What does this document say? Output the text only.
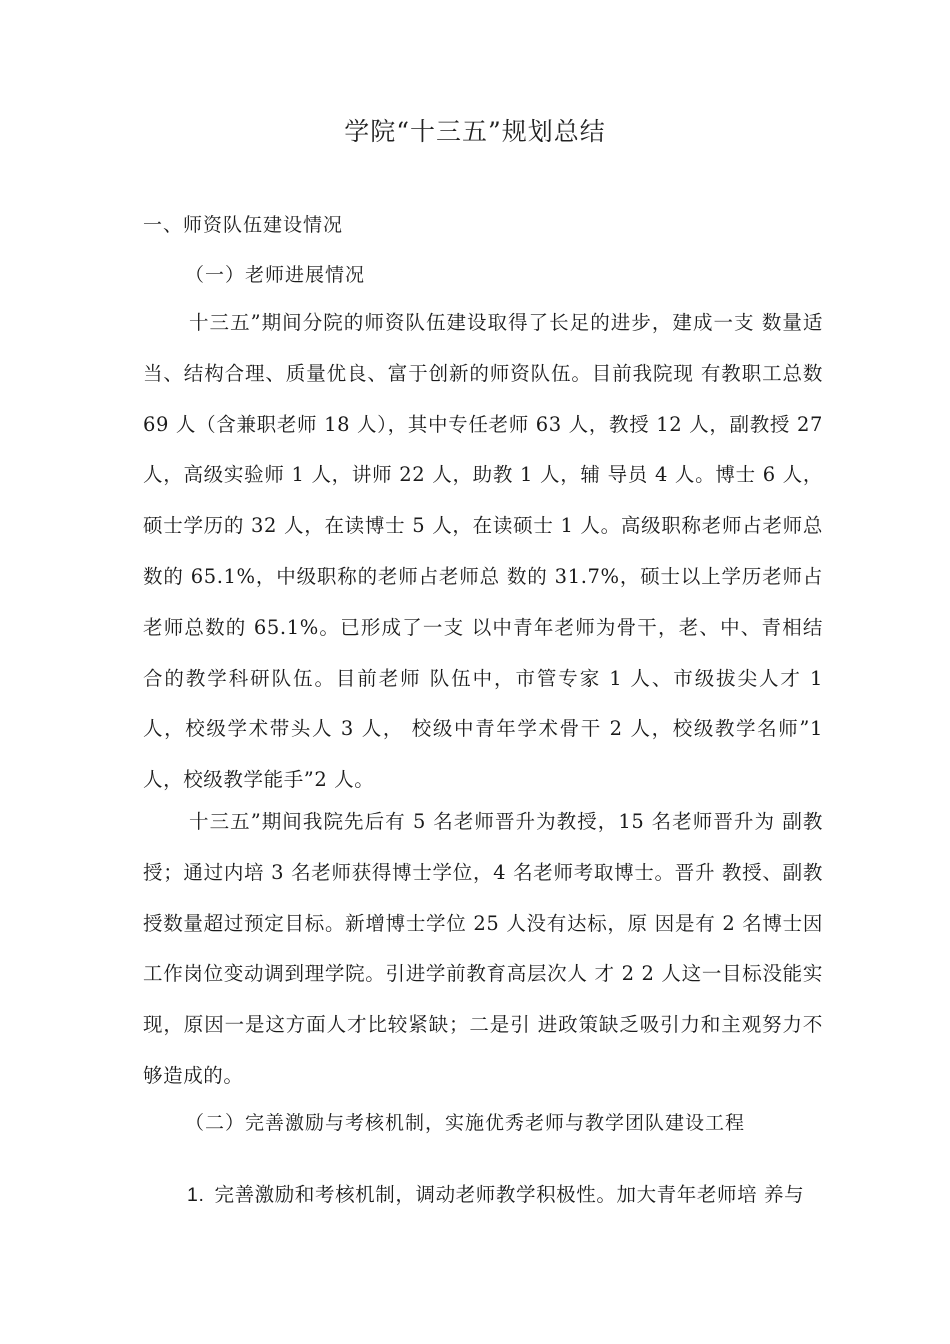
学院“十三五”规划总结
一、师资队伍建设情况
（一）老师进展情况
十三五”期间分院的师资队伍建设取得了长足的进步，建成一支 数量适当、结构合理、质量优良、富于创新的师资队伍。目前我院现 有教职工总数 69 人（含兼职老师 18 人），其中专任老师 63 人，教授 12 人，副教授 27 人，高级实验师 1 人，讲师 22 人，助教 1 人，辅 导员 4 人。博士 6 人，硕士学历的 32 人，在读博士 5 人，在读硕士 1 人。高级职称老师占老师总数的 65.1%，中级职称的老师占老师总 数的 31.7%，硕士以上学历老师占老师总数的 65.1%。已形成了一支 以中青年老师为骨干，老、中、青相结合的教学科研队伍。目前老师 队伍中，市管专家 1 人、市级拔尖人才 1 人，校级学术带头人 3 人， 校级中青年学术骨干 2 人，校级教学名师”1 人，校级教学能手”2 人。
十三五”期间我院先后有 5 名老师晋升为教授，15 名老师晋升为 副教授；通过内培 3 名老师获得博士学位，4 名老师考取博士。晋升 教授、副教授数量超过预定目标。新增博士学位 25 人没有达标，原 因是有 2 名博士因工作岗位变动调到理学院。引进学前教育高层次人 才 2 2 人这一目标没能实现，原因一是这方面人才比较紧缺；二是引 进政策缺乏吸引力和主观努力不够造成的。
（二）完善激励与考核机制，实施优秀老师与教学团队建设工程
1. 完善激励和考核机制，调动老师教学积极性。加大青年老师培 养与
